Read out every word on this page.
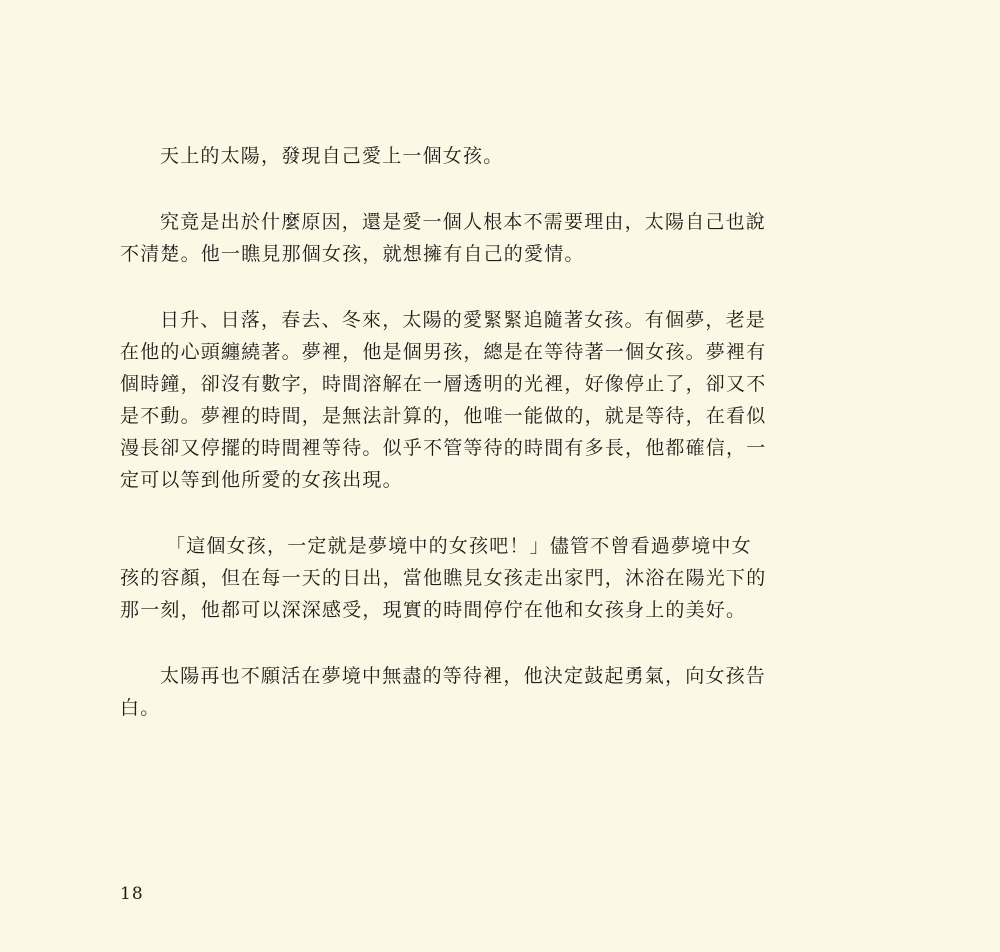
天上的太陽，發現自己愛上一個女孩。

究竟是出於什麼原因，還是愛一個人根本不需要理由，太陽自己也說不清楚。他一瞧見那個女孩，就想擁有自己的愛情。

日升、日落，春去、冬來，太陽的愛緊緊追隨著女孩。有個夢，老是在他的心頭纏繞著。夢裡，他是個男孩，總是在等待著一個女孩。夢裡有個時鐘，卻沒有數字，時間溶解在一層透明的光裡，好像停止了，卻又不是不動。夢裡的時間，是無法計算的，他唯一能做的，就是等待，在看似漫長卻又停擺的時間裡等待。似乎不管等待的時間有多長，他都確信，一定可以等到他所愛的女孩出現。

「這個女孩，一定就是夢境中的女孩吧！」儘管不曾看過夢境中女孩的容顏，但在每一天的日出，當他瞧見女孩走出家門，沐浴在陽光下的那一刻，他都可以深深感受，現實的時間停佇在他和女孩身上的美好。

太陽再也不願活在夢境中無盡的等待裡，他決定鼓起勇氣，向女孩告白。

18
